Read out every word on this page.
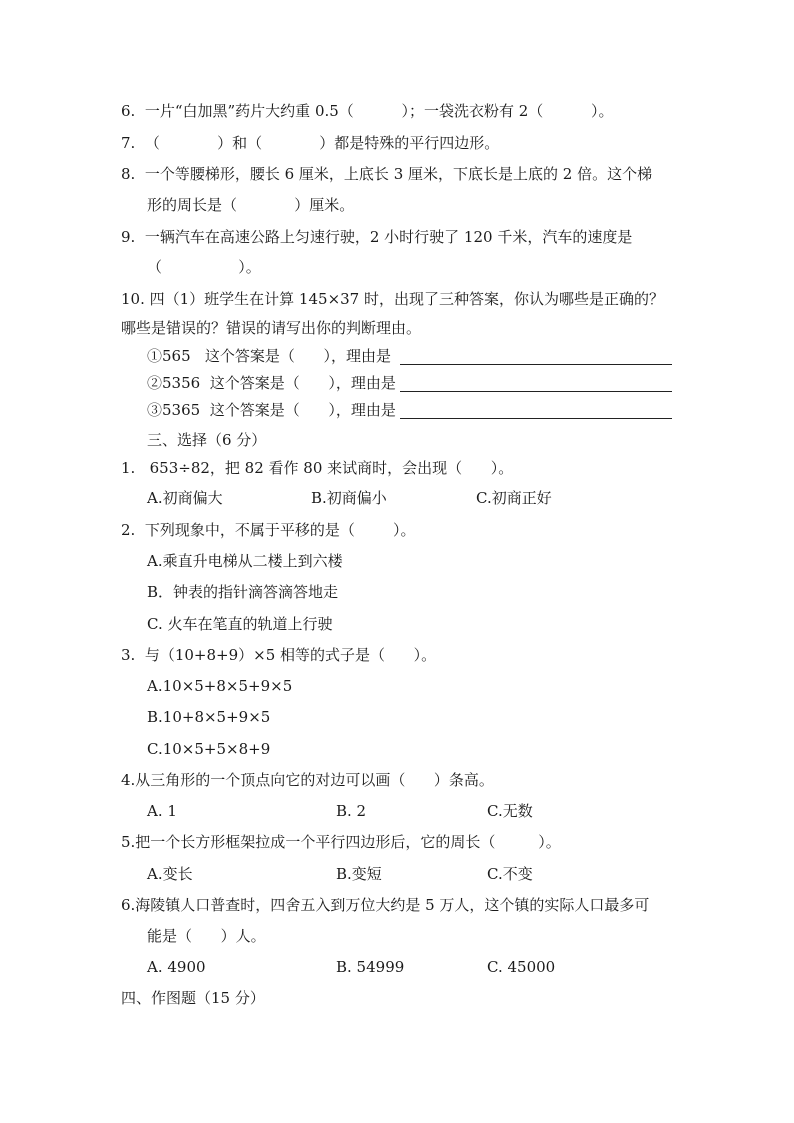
6.  一片“白加黑”药片大约重 0.5（          ）；一袋洗衣粉有 2（          ）。
7.  （            ）和（            ）都是特殊的平行四边形。
8.  一个等腰梯形，腰长 6 厘米，上底长 3 厘米，下底长是上底的 2 倍。这个梯
形的周长是（            ）厘米。
9.  一辆汽车在高速公路上匀速行驶，2 小时行驶了 120 千米，汽车的速度是
（                ）。
10. 四（1）班学生在计算 145×37 时，出现了三种答案，你认为哪些是正确的？
哪些是错误的？错误的请写出你的判断理由。
①565   这个答案是（      ），理由是
②5356  这个答案是（      ），理由是
③5365  这个答案是（      ），理由是
三、选择（6 分）
1.   653÷82，把 82 看作 80 来试商时，会出现（      ）。
A.初商偏大	B.初商偏小	C.初商正好
2.  下列现象中，不属于平移的是（        ）。
A.乘直升电梯从二楼上到六楼
B．钟表的指针滴答滴答地走
C. 火车在笔直的轨道上行驶
3.  与（10+8+9）×5 相等的式子是（      ）。
A.10×5+8×5+9×5
B.10+8×5+9×5
C.10×5+5×8+9
4.从三角形的一个顶点向它的对边可以画（      ）条高。
A. 1	B. 2	C.无数
5.把一个长方形框架拉成一个平行四边形后，它的周长（         ）。
A.变长	B.变短	C.不变
6.海陵镇人口普查时，四舍五入到万位大约是 5 万人，这个镇的实际人口最多可
能是（      ）人。
A. 4900	B. 54999	C. 45000
四、作图题（15 分）
